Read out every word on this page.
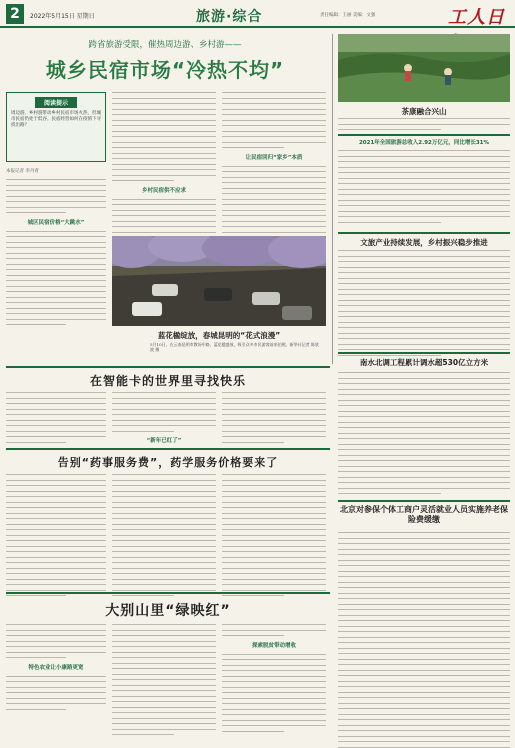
2	2022年5月15日 星期日	旅游·综合	责任编辑：王丽 美编：文强	工人日
跨省旅游受限，催热周边游、乡村游——
城乡民宿市场“冷热不均”
阅读提示
周边游、乡村游带动乡村民宿市场火热，但城市民宿仍处于低谷。民宿经营如何在疫情下寻找出路？
本报记者 李丹青
城区民宿价格“大跳水”
乡村民宿供不应求
让民宿回归“家乡”本质
蓝花楹绽放，春城昆明的“花式浪漫”
5月10日，在云南昆明市教场中路，蓝花楹盛放，吸引众多市民游客前来拍照。新华社记者 陈欣波 摄
茶康融合兴山
2021年全国旅游总收入2.92万亿元，同比增长31%
文旅产业持续发展，乡村振兴稳步推进
南水北调工程累计调水超530亿立方米
北京对参保个体工商户灵活就业人员实施养老保险费缓缴
在智能卡的世界里寻找快乐
“新年已红了”
告别“药事服务费”，药学服务价格要来了
大别山里“绿映红”
特色农业让小康路更宽
探索脱贫带动增收
